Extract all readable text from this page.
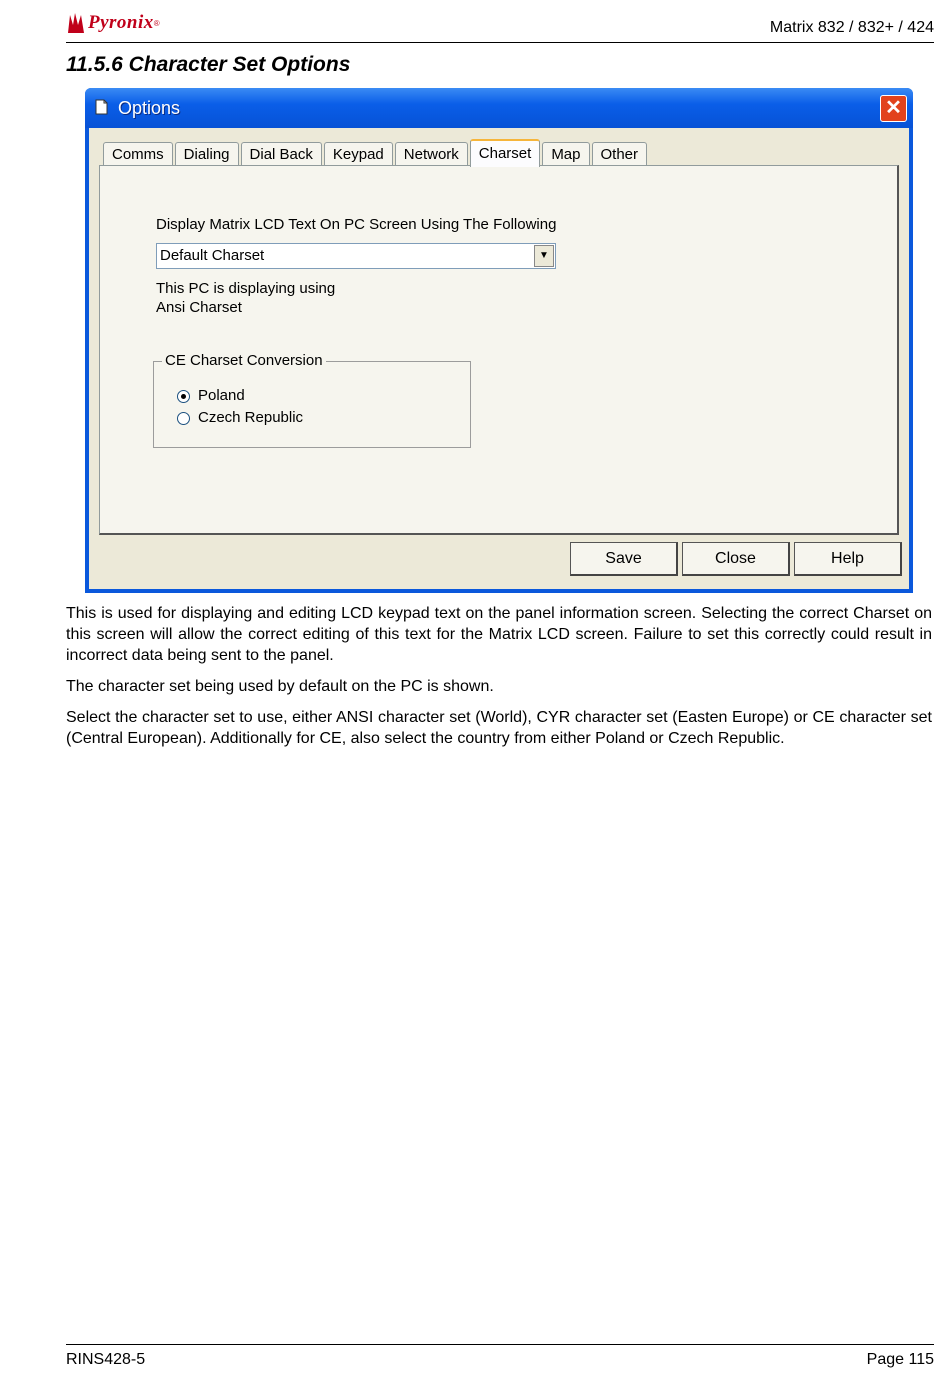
Pyronix ®	Matrix 832 / 832+ / 424
11.5.6 Character Set Options
Options	✕
Comms	Dialing	Dial Back	Keypad	Network	Charset	Map	Other
Display Matrix LCD Text On PC Screen Using The Following
Default Charset	▼
This PC is displaying using
Ansi Charset
CE Charset Conversion
Poland
Czech Republic
Save	Close	Help
This is used for displaying and editing LCD keypad text on the panel information screen. Selecting the correct Charset on this screen will allow the correct editing of this text for the Matrix LCD screen. Failure to set this correctly could result in incorrect data being sent to the panel.
The character set being used by default on the PC is shown.
Select the character set to use, either ANSI character set (World), CYR character set (Easten Europe) or CE character set (Central European). Additionally for CE, also select the country from either Poland or Czech Republic.
RINS428-5	Page 115
